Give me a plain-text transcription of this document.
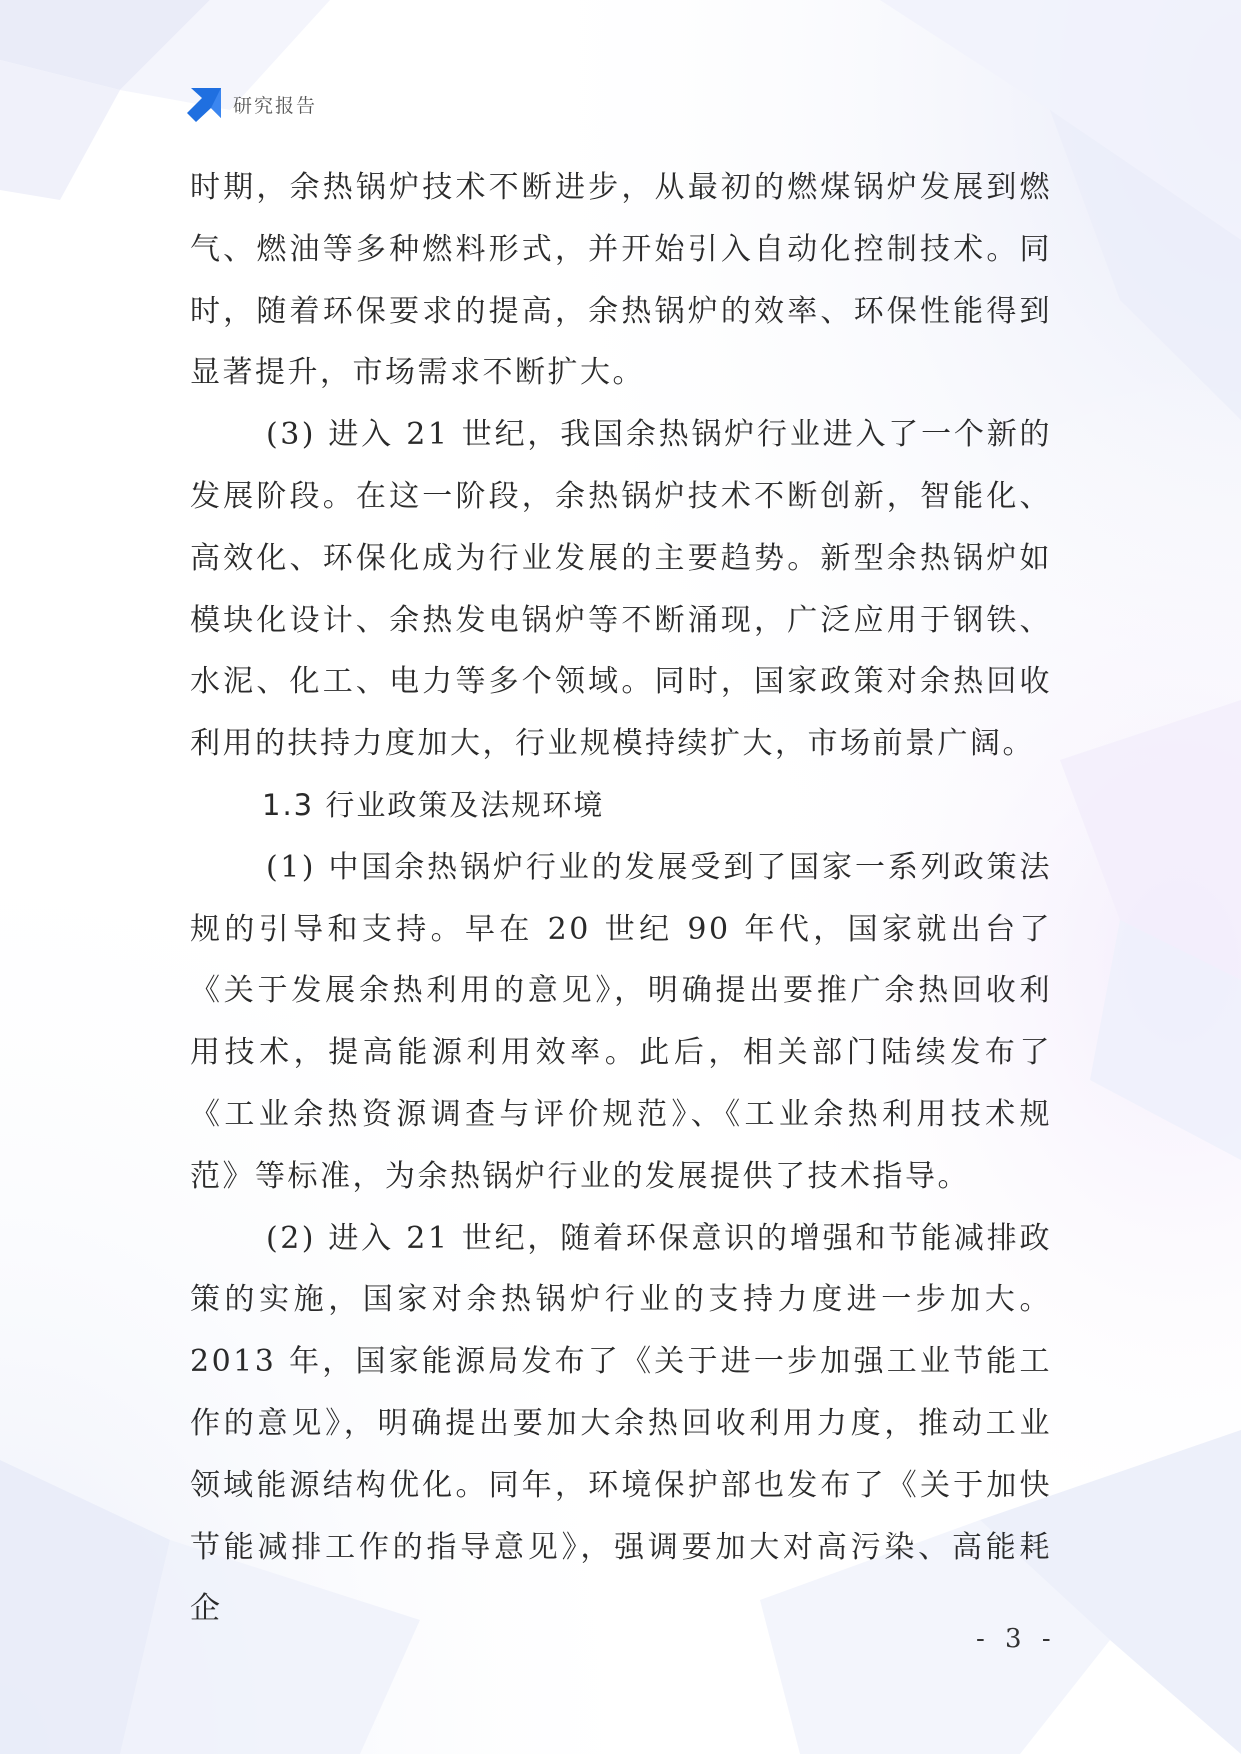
研究报告

时期，余热锅炉技术不断进步，从最初的燃煤锅炉发展到燃气、燃油等多种燃料形式，并开始引入自动化控制技术。同时，随着环保要求的提高，余热锅炉的效率、环保性能得到显著提升，市场需求不断扩大。

(3) 进入 21 世纪，我国余热锅炉行业进入了一个新的发展阶段。在这一阶段，余热锅炉技术不断创新，智能化、高效化、环保化成为行业发展的主要趋势。新型余热锅炉如模块化设计、余热发电锅炉等不断涌现，广泛应用于钢铁、水泥、化工、电力等多个领域。同时，国家政策对余热回收利用的扶持力度加大，行业规模持续扩大，市场前景广阔。

1.3 行业政策及法规环境

(1) 中国余热锅炉行业的发展受到了国家一系列政策法规的引导和支持。早在 20 世纪 90 年代，国家就出台了《关于发展余热利用的意见》，明确提出要推广余热回收利用技术，提高能源利用效率。此后，相关部门陆续发布了《工业余热资源调查与评价规范》、《工业余热利用技术规范》等标准，为余热锅炉行业的发展提供了技术指导。

(2) 进入 21 世纪，随着环保意识的增强和节能减排政策的实施，国家对余热锅炉行业的支持力度进一步加大。2013 年，国家能源局发布了《关于进一步加强工业节能工作的意见》，明确提出要加大余热回收利用力度，推动工业领域能源结构优化。同年，环境保护部也发布了《关于加快节能减排工作的指导意见》，强调要加大对高污染、高能耗企

- 3 -
